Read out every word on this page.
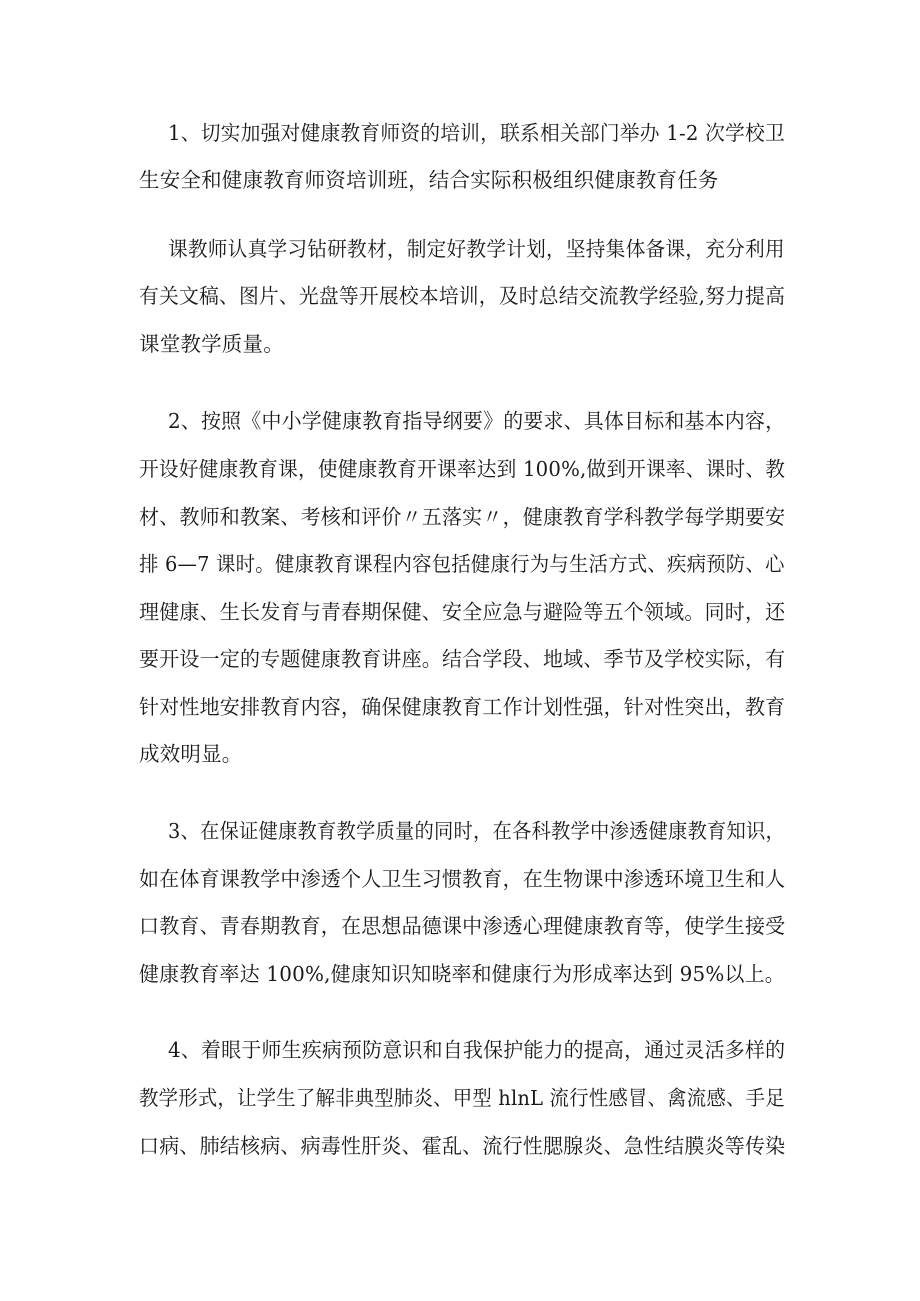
1、切实加强对健康教育师资的培训，联系相关部门举办 1-2 次学校卫

生安全和健康教育师资培训班，结合实际积极组织健康教育任务

课教师认真学习钻研教材，制定好教学计划，坚持集体备课，充分利用

有关文稿、图片、光盘等开展校本培训，及时总结交流教学经验,努力提高

课堂教学质量。

2、按照《中小学健康教育指导纲要》的要求、具体目标和基本内容，

开设好健康教育课，使健康教育开课率达到 100%,做到开课率、课时、教

材、教师和教案、考核和评价〃五落实〃，健康教育学科教学每学期要安

排 6—7 课时。健康教育课程内容包括健康行为与生活方式、疾病预防、心

理健康、生长发育与青春期保健、安全应急与避险等五个领域。同时，还

要开设一定的专题健康教育讲座。结合学段、地域、季节及学校实际，有

针对性地安排教育内容，确保健康教育工作计划性强，针对性突出，教育

成效明显。

3、在保证健康教育教学质量的同时，在各科教学中渗透健康教育知识，

如在体育课教学中渗透个人卫生习惯教育，在生物课中渗透环境卫生和人

口教育、青春期教育，在思想品德课中渗透心理健康教育等，使学生接受

健康教育率达 100%,健康知识知晓率和健康行为形成率达到 95%以上。

4、着眼于师生疾病预防意识和自我保护能力的提高，通过灵活多样的

教学形式，让学生了解非典型肺炎、甲型 hlnL 流行性感冒、禽流感、手足

口病、肺结核病、病毒性肝炎、霍乱、流行性腮腺炎、急性结膜炎等传染
